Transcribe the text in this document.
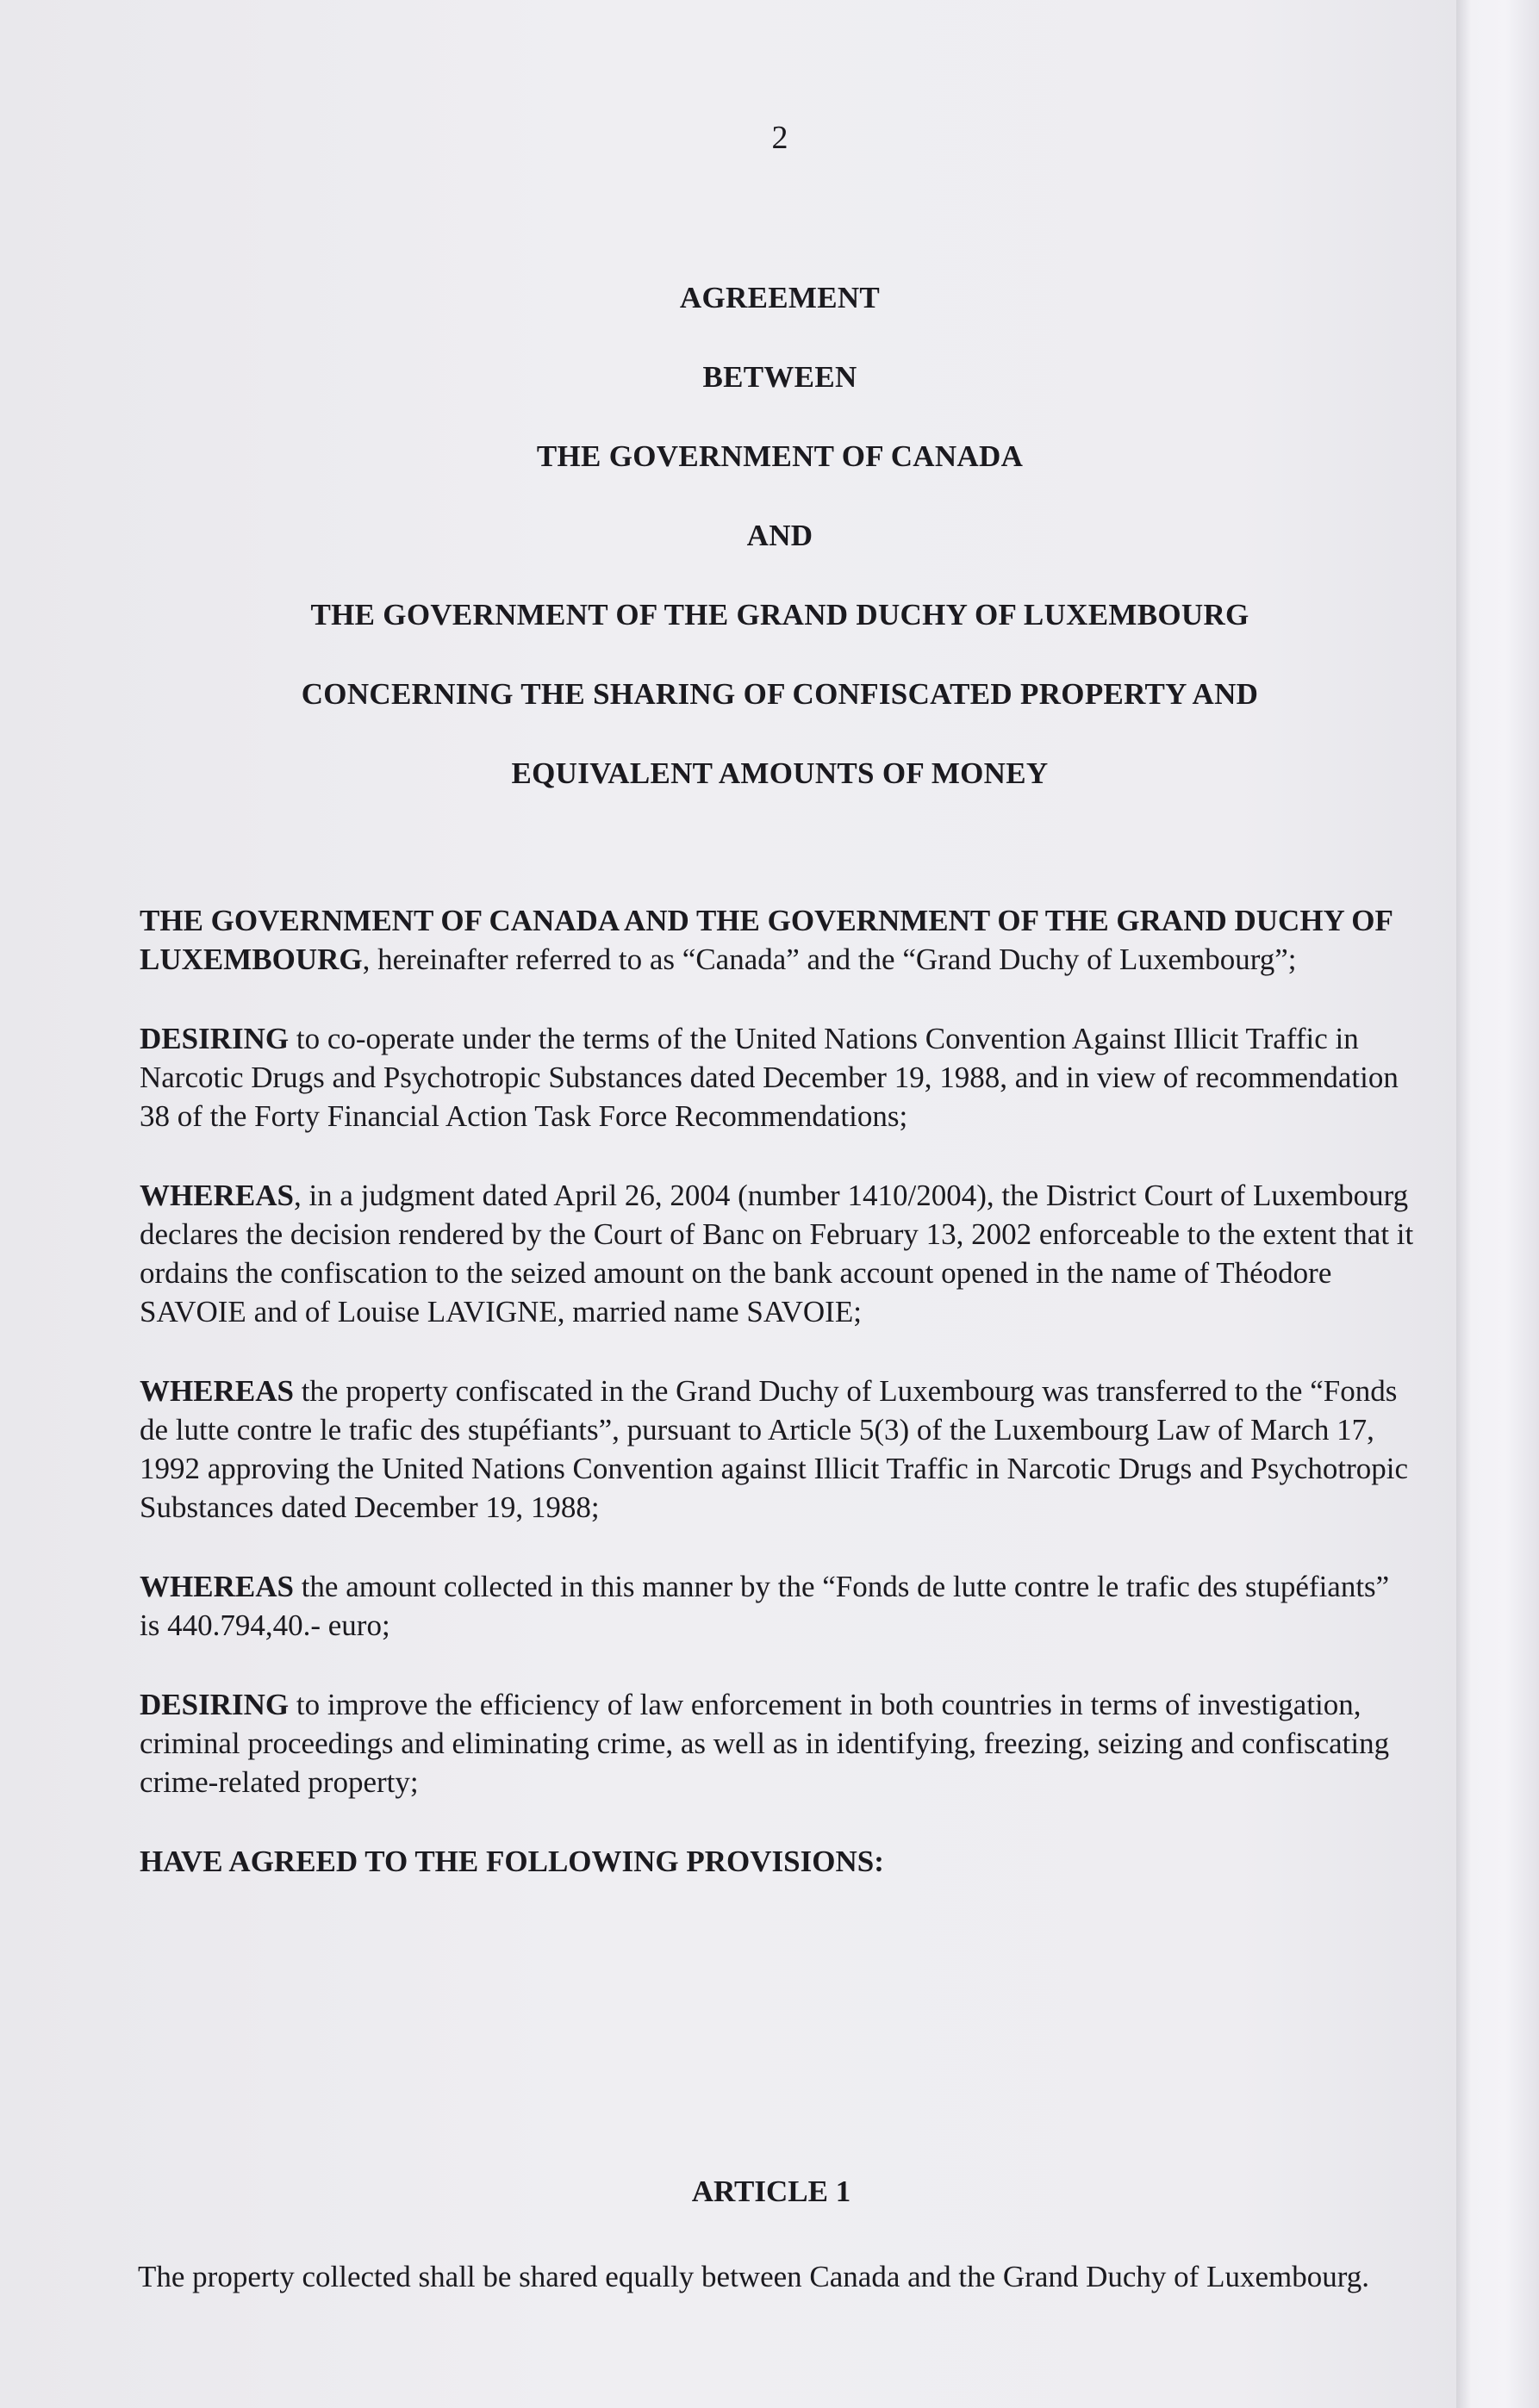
2
AGREEMENT
BETWEEN
THE GOVERNMENT OF CANADA
AND
THE GOVERNMENT OF THE GRAND DUCHY OF LUXEMBOURG
CONCERNING THE SHARING OF CONFISCATED PROPERTY AND
EQUIVALENT AMOUNTS OF MONEY

THE GOVERNMENT OF CANADA AND THE GOVERNMENT OF THE GRAND DUCHY OF LUXEMBOURG, hereinafter referred to as “Canada” and the “Grand Duchy of Luxembourg”;

DESIRING to co-operate under the terms of the United Nations Convention Against Illicit Traffic in Narcotic Drugs and Psychotropic Substances dated December 19, 1988, and in view of recommendation 38 of the Forty Financial Action Task Force Recommendations;

WHEREAS, in a judgment dated April 26, 2004 (number 1410/2004), the District Court of Luxembourg declares the decision rendered by the Court of Banc on February 13, 2002 enforceable to the extent that it ordains the confiscation to the seized amount on the bank account opened in the name of Théodore SAVOIE and of Louise LAVIGNE, married name SAVOIE;

WHEREAS the property confiscated in the Grand Duchy of Luxembourg was transferred to the “Fonds de lutte contre le trafic des stupéfiants”, pursuant to Article 5(3) of the Luxembourg Law of March 17, 1992 approving the United Nations Convention against Illicit Traffic in Narcotic Drugs and Psychotropic Substances dated December 19, 1988;

WHEREAS the amount collected in this manner by the “Fonds de lutte contre le trafic des stupéfiants” is 440.794,40.- euro;

DESIRING to improve the efficiency of law enforcement in both countries in terms of investigation, criminal proceedings and eliminating crime, as well as in identifying, freezing, seizing and confiscating crime-related property;

HAVE AGREED TO THE FOLLOWING PROVISIONS:

ARTICLE 1
The property collected shall be shared equally between Canada and the Grand Duchy of Luxembourg.
